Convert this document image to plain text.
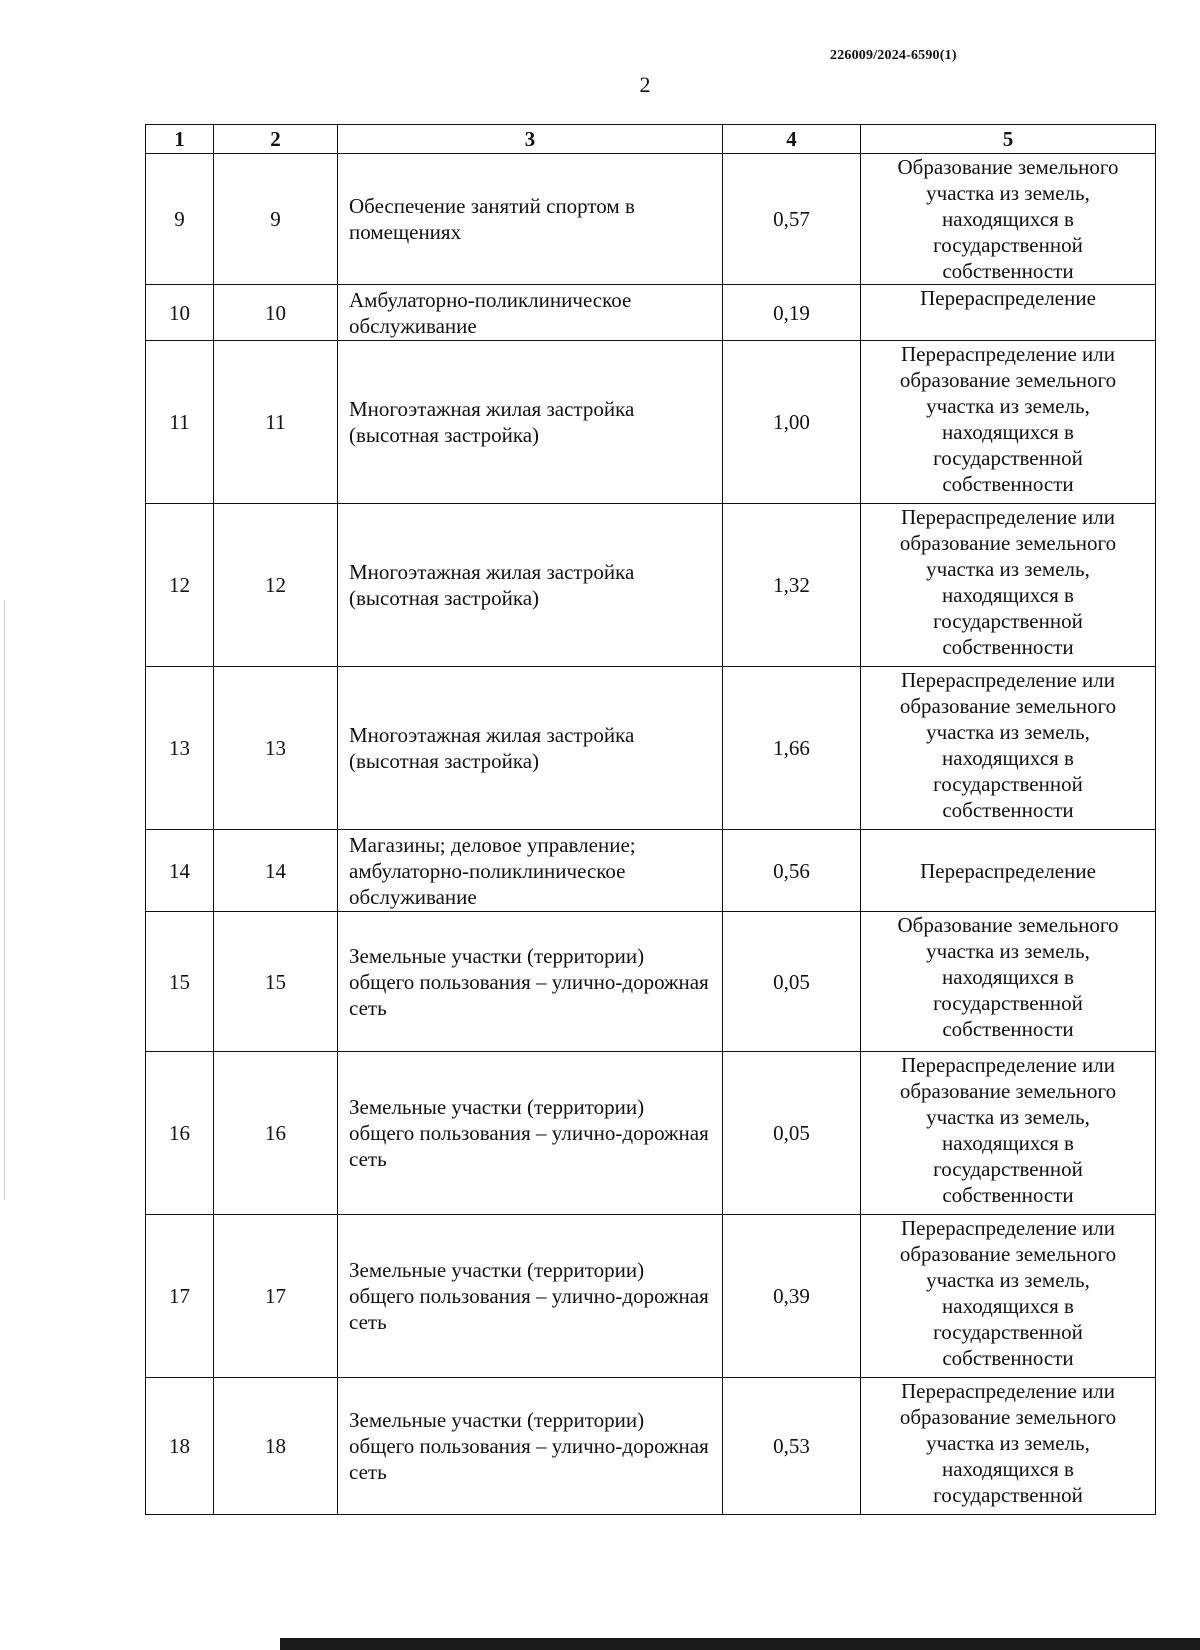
226009/2024-6590(1)
2
1	2	3	4	5
9	9	Обеспечение занятий спортом в помещениях	0,57	Образование земельного участка из земель, находящихся в государственной собственности
10	10	Амбулаторно-поликлиническое обслуживание	0,19	Перераспределение
11	11	Многоэтажная жилая застройка (высотная застройка)	1,00	Перераспределение или образование земельного участка из земель, находящихся в государственной собственности
12	12	Многоэтажная жилая застройка (высотная застройка)	1,32	Перераспределение или образование земельного участка из земель, находящихся в государственной собственности
13	13	Многоэтажная жилая застройка (высотная застройка)	1,66	Перераспределение или образование земельного участка из земель, находящихся в государственной собственности
14	14	Магазины; деловое управление; амбулаторно-поликлиническое обслуживание	0,56	Перераспределение
15	15	Земельные участки (территории) общего пользования – улично-дорожная сеть	0,05	Образование земельного участка из земель, находящихся в государственной собственности
16	16	Земельные участки (территории) общего пользования – улично-дорожная сеть	0,05	Перераспределение или образование земельного участка из земель, находящихся в государственной собственности
17	17	Земельные участки (территории) общего пользования – улично-дорожная сеть	0,39	Перераспределение или образование земельного участка из земель, находящихся в государственной собственности
18	18	Земельные участки (территории) общего пользования – улично-дорожная сеть	0,53	Перераспределение или образование земельного участка из земель, находящихся в государственной
